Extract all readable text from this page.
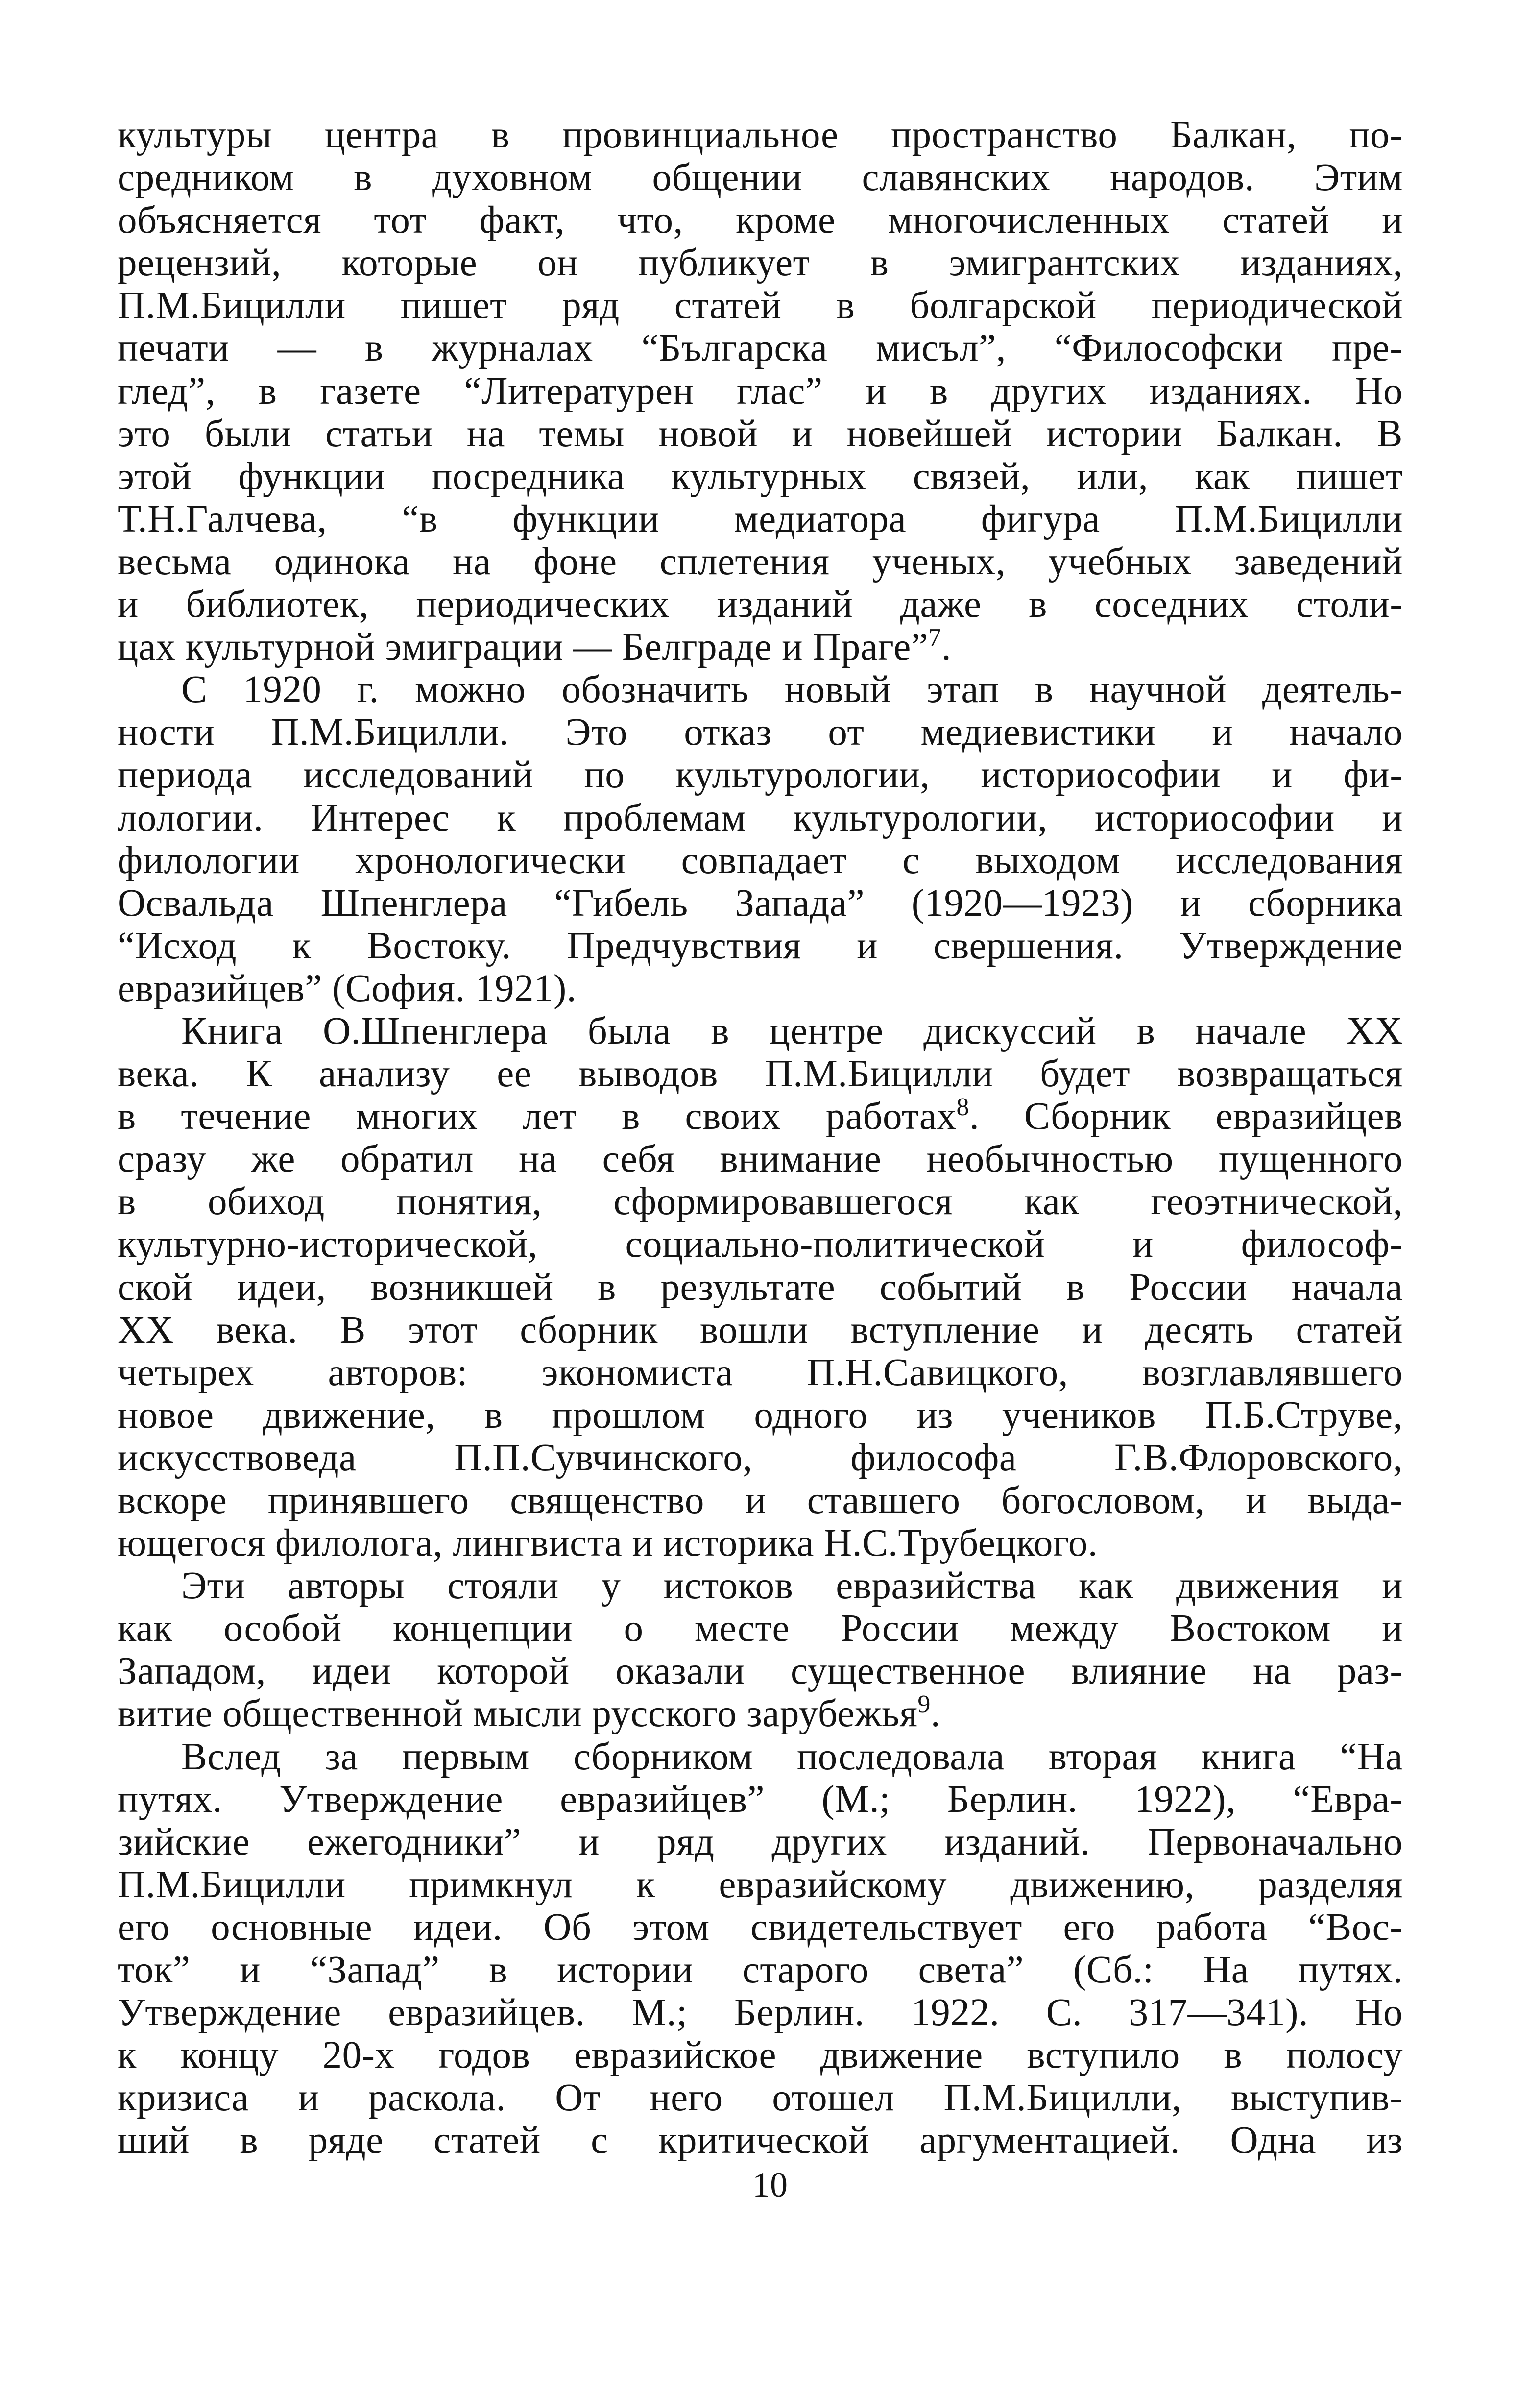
культуры центра в провинциальное пространство Балкан, по-
средником в духовном общении славянских народов. Этим
объясняется тот факт, что, кроме многочисленных статей и
рецензий, которые он публикует в эмигрантских изданиях,
П.М.Бицилли пишет ряд статей в болгарской периодической
печати — в журналах “Българска мисъл”, “Философски пре-
глед”, в газете “Литературен глас” и в других изданиях. Но
это были статьи на темы новой и новейшей истории Балкан. В
этой функции посредника культурных связей, или, как пишет
Т.Н.Галчева, “в функции медиатора фигура П.М.Бицилли
весьма одинока на фоне сплетения ученых, учебных заведений
и библиотек, периодических изданий даже в соседних столи-
цах культурной эмиграции — Белграде и Праге”$^7$.
С 1920 г. можно обозначить новый этап в научной деятель-
ности П.М.Бицилли. Это отказ от медиевистики и начало
периода исследований по культурологии, историософии и фи-
лологии. Интерес к проблемам культурологии, историософии и
филологии хронологически совпадает с выходом исследования
Освальда Шпенглера “Гибель Запада” (1920—1923) и сборника
“Исход к Востоку. Предчувствия и свершения. Утверждение
евразийцев” (София. 1921).
Книга О.Шпенглера была в центре дискуссий в начале XX
века. К анализу ее выводов П.М.Бицилли будет возвращаться
в течение многих лет в своих работах$^8$. Сборник евразийцев
сразу же обратил на себя внимание необычностью пущенного
в обиход понятия, сформировавшегося как геоэтнической,
культурно-исторической, социально-политической и философ-
ской идеи, возникшей в результате событий в России начала
XX века. В этот сборник вошли вступление и десять статей
четырех авторов: экономиста П.Н.Савицкого, возглавлявшего
новое движение, в прошлом одного из учеников П.Б.Струве,
искусствоведа П.П.Сувчинского, философа Г.В.Флоровского,
вскоре принявшего священство и ставшего богословом, и выда-
ющегося филолога, лингвиста и историка Н.С.Трубецкого.
Эти авторы стояли у истоков евразийства как движения и
как особой концепции о месте России между Востоком и
Западом, идеи которой оказали существенное влияние на раз-
витие общественной мысли русского зарубежья$^9$.
Вслед за первым сборником последовала вторая книга “На
путях. Утверждение евразийцев” (М.; Берлин. 1922), “Евра-
зийские ежегодники” и ряд других изданий. Первоначально
П.М.Бицилли примкнул к евразийскому движению, разделяя
его основные идеи. Об этом свидетельствует его работа “Вос-
ток” и “Запад” в истории старого света” (Сб.: На путях.
Утверждение евразийцев. М.; Берлин. 1922. С. 317—341). Но
к концу 20-х годов евразийское движение вступило в полосу
кризиса и раскола. От него отошел П.М.Бицилли, выступив-
ший в ряде статей с критической аргументацией. Одна из
10
